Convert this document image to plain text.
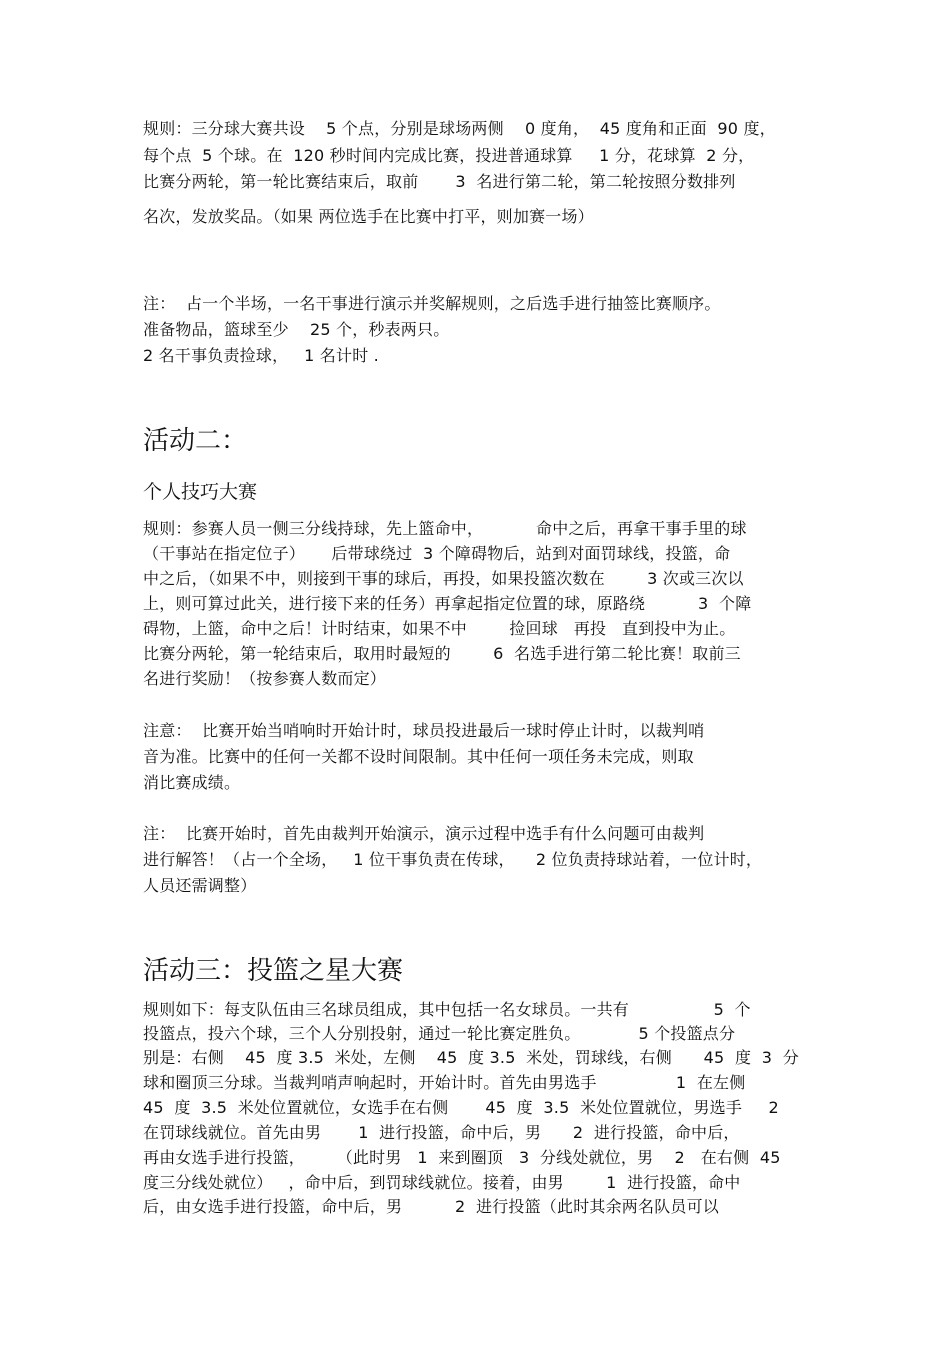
规则：三分球大赛共设    5 个点，分别是球场两侧    0 度角，  45 度角和正面  90 度，
每个点  5 个球。在  120 秒时间内完成比赛，投进普通球算     1 分，花球算  2 分，
比赛分两轮，第一轮比赛结束后，取前       3  名进行第二轮，第二轮按照分数排列
名次，发放奖品。（如果 两位选手在比赛中打平，则加赛一场）
注：  占一个半场，一名干事进行演示并奖解规则，之后选手进行抽签比赛顺序。
准备物品，篮球至少    25 个，秒表两只。
2 名干事负责捡球，   1 名计时 .
活动二：
个人技巧大赛
规则：参赛人员一侧三分线持球，先上篮命中，          命中之后，再拿干事手里的球
（干事站在指定位子）     后带球绕过  3 个障碍物后，站到对面罚球线，投篮，命
中之后，（如果不中，则接到干事的球后，再投，如果投篮次数在        3 次或三次以
上，则可算过此关，进行接下来的任务）再拿起指定位置的球，原路绕          3  个障
碍物，上篮，命中之后！计时结束，如果不中        捡回球   再投   直到投中为止。
比赛分两轮，第一轮结束后，取用时最短的        6  名选手进行第二轮比赛！取前三
名进行奖励！（按参赛人数而定）
注意：  比赛开始当哨响时开始计时，球员投进最后一球时停止计时，以裁判哨
音为准。比赛中的任何一关都不设时间限制。其中任何一项任务未完成，则取
消比赛成绩。
注：  比赛开始时，首先由裁判开始演示，演示过程中选手有什么问题可由裁判
进行解答！（占一个全场，   1 位干事负责在传球，    2 位负责持球站着，一位计时，
人员还需调整）
活动三：投篮之星大赛
规则如下：每支队伍由三名球员组成，其中包括一名女球员。一共有                5  个
投篮点，投六个球，三个人分别投射，通过一轮比赛定胜负。           5 个投篮点分
别是：右侧    45  度 3.5  米处，左侧    45  度 3.5  米处，罚球线，右侧      45  度  3  分
球和圈顶三分球。当裁判哨声响起时，开始计时。首先由男选手               1  在左侧
45  度  3.5  米处位置就位，女选手在右侧       45  度  3.5  米处位置就位，男选手     2
在罚球线就位。首先由男       1  进行投篮，命中后，男      2  进行投篮，命中后，
再由女选手进行投篮，      （此时男   1  来到圈顶   3  分线处就位，男    2   在右侧  45
度三分线处就位）   ，命中后，到罚球线就位。接着，由男        1  进行投篮，命中
后，由女选手进行投篮，命中后，男          2  进行投篮（此时其余两名队员可以
